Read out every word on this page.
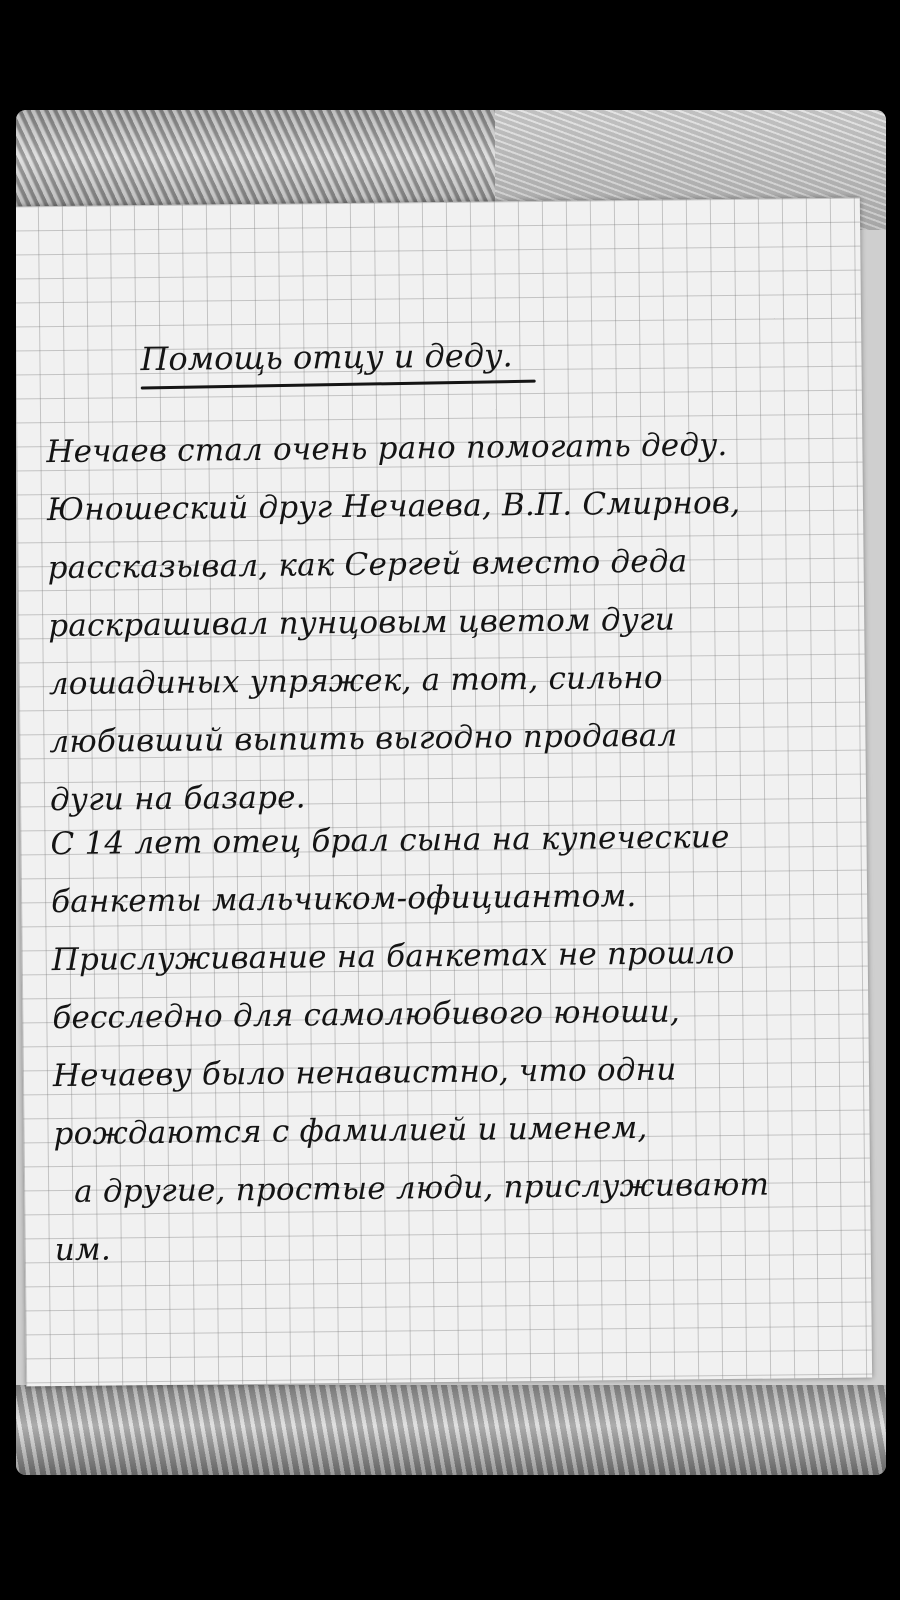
Помощь отцу и деду.
Нечаев стал очень рано помогать деду.
Юношеский друг Нечаева, В.П. Смирнов,
рассказывал, как Сергей вместо деда
раскрашивал пунцовым цветом дуги
лошадиных упряжек, а тот, сильно
любивший выпить выгодно продавал
дуги на базаре.
С 14 лет отец брал сына на купеческие
банкеты мальчиком-официантом.
Прислуживание на банкетах не прошло
бесследно для самолюбивого юноши,
Нечаеву было ненавистно, что одни
рождаются с фамилией и именем,
а другие, простые люди, прислуживают
им.
